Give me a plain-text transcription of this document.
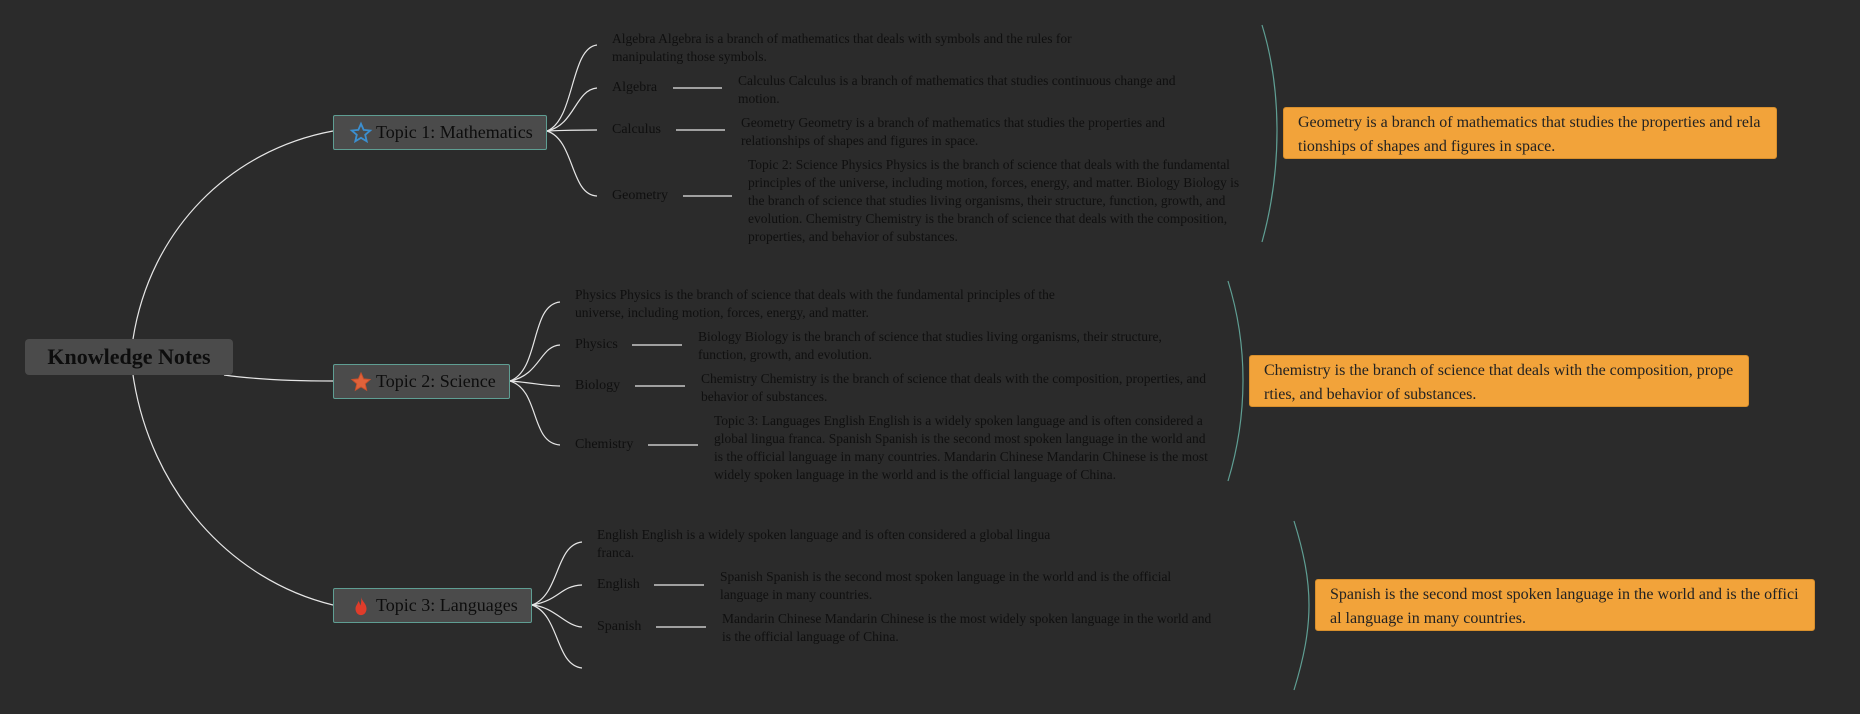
Knowledge Notes
Topic 1: Mathematics
Algebra Algebra is a branch of mathematics that deals with symbols and the rules for manipulating those symbols.
Algebra	Calculus Calculus is a branch of mathematics that studies continuous change and motion.
Calculus	Geometry Geometry is a branch of mathematics that studies the properties and relationships of shapes and figures in space.
Geometry
Topic 2: Science Physics Physics is the branch of science that deals with the fundamental principles of the universe, including motion, forces, energy, and matter. Biology Biology is the branch of science that studies living organisms, their structure, function, growth, and evolution. Chemistry Chemistry is the branch of science that deals with the composition, properties, and behavior of substances.
Geometry is a branch of mathematics that studies the properties and relationships of shapes and figures in space.
Topic 2: Science
Physics Physics is the branch of science that deals with the fundamental principles of the universe, including motion, forces, energy, and matter.
Physics
Biology Biology is the branch of science that studies living organisms, their structure, function, growth, and evolution.
Biology	Chemistry Chemistry is the branch of science that deals with the composition, properties, and behavior of substances.
Chemistry
Topic 3: Languages English English is a widely spoken language and is often considered a global lingua franca. Spanish Spanish is the second most spoken language in the world and is the official language in many countries. Mandarin Chinese Mandarin Chinese is the most widely spoken language in the world and is the official language of China.
Chemistry is the branch of science that deals with the composition, properties, and behavior of substances.
Topic 3: Languages
English English is a widely spoken language and is often considered a global lingua franca.
English
Spanish Spanish is the second most spoken language in the world and is the official language in many countries.
Spanish
Mandarin Chinese Mandarin Chinese is the most widely spoken language in the world and is the official language of China.
Spanish is the second most spoken language in the world and is the official language in many countries.
